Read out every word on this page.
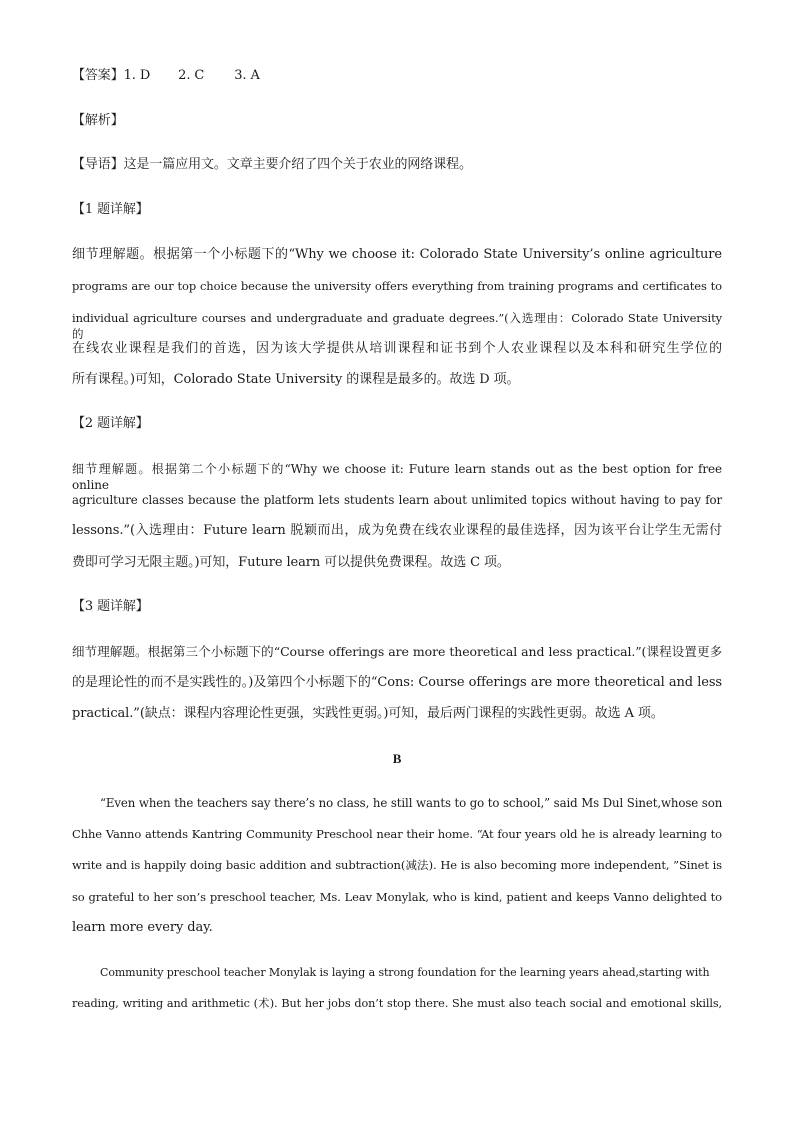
【答案】1. D 2. C 3. A
【解析】
【导语】这是一篇应用文。文章主要介绍了四个关于农业的网络课程。
【1 题详解】
细节理解题。根据第一个小标题下的“Why we choose it: Colorado State University’s online agriculture
programs are our top choice because the university offers everything from training programs and certificates to
individual agriculture courses and undergraduate and graduate degrees.”(入选理由：Colorado State University 的
在线农业课程是我们的首选，因为该大学提供从培训课程和证书到个人农业课程以及本科和研究生学位的
所有课程。)可知，Colorado State University 的课程是最多的。故选 D 项。
【2 题详解】
细节理解题。根据第二个小标题下的“Why we choose it: Future learn stands out as the best option for free online
agriculture classes because the platform lets students learn about unlimited topics without having to pay for
lessons.”(入选理由：Future learn 脱颖而出，成为免费在线农业课程的最佳选择，因为该平台让学生无需付
费即可学习无限主题。)可知，Future learn 可以提供免费课程。故选 C 项。
【3 题详解】
细节理解题。根据第三个小标题下的“Course offerings are more theoretical and less practical.”(课程设置更多
的是理论性的而不是实践性的。)及第四个小标题下的“Cons: Course offerings are more theoretical and less
practical.”(缺点：课程内容理论性更强，实践性更弱。)可知，最后两门课程的实践性更弱。故选 A 项。
B
“Even when the teachers say there’s no class, he still wants to go to school,” said Ms Dul Sinet,whose son
Chhe Vanno attends Kantring Community Preschool near their home. “At four years old he is already learning to
write and is happily doing basic addition and subtraction(减法). He is also becoming more independent, ”Sinet is
so grateful to her son’s preschool teacher, Ms. Leav Monylak, who is kind, patient and keeps Vanno delighted to
learn more every day.
Community preschool teacher Monylak is laying a strong foundation for the learning years ahead,starting with
reading, writing and arithmetic (术). But her jobs don’t stop there. She must also teach social and emotional skills,
